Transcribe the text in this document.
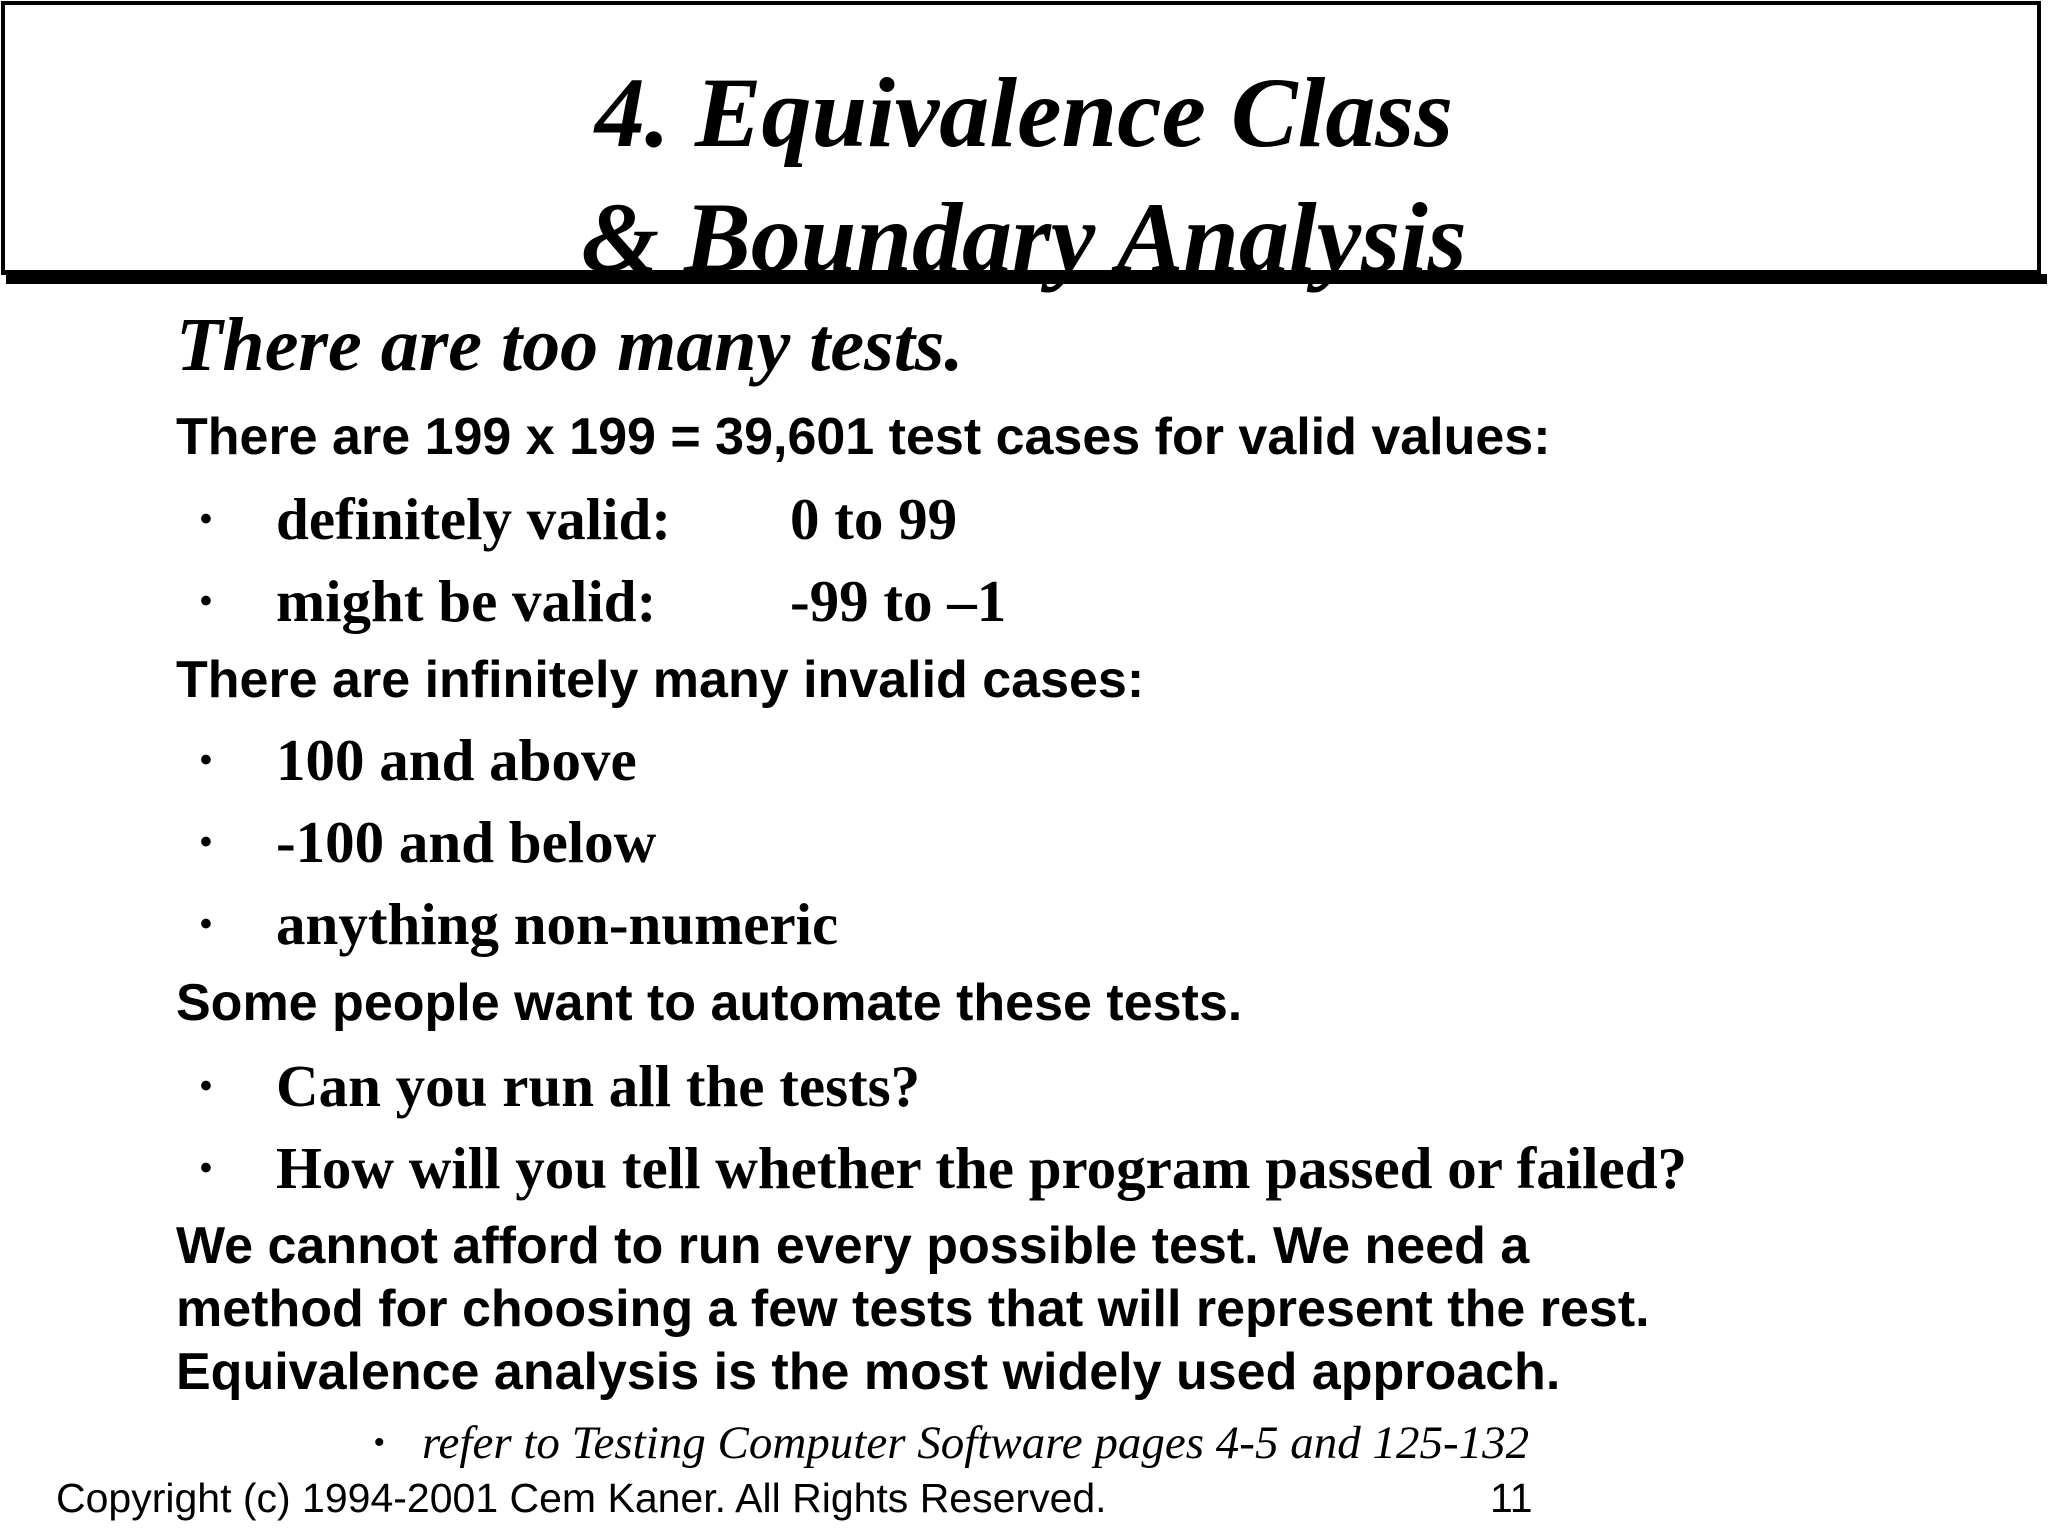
4. Equivalence Class
& Boundary Analysis
There are too many tests.
There are 199 x 199 = 39,601 test cases for valid values:
• definitely valid: 0 to 99
• might be valid: -99 to –1
There are infinitely many invalid cases:
• 100 and above
• -100 and below
• anything non-numeric
Some people want to automate these tests.
• Can you run all the tests?
• How will you tell whether the program passed or failed?
We cannot afford to run every possible test. We need a
method for choosing a few tests that will represent the rest.
Equivalence analysis is the most widely used approach.
• refer to Testing Computer Software pages 4-5 and 125-132
Copyright (c) 1994-2001 Cem Kaner. All Rights Reserved.	11
